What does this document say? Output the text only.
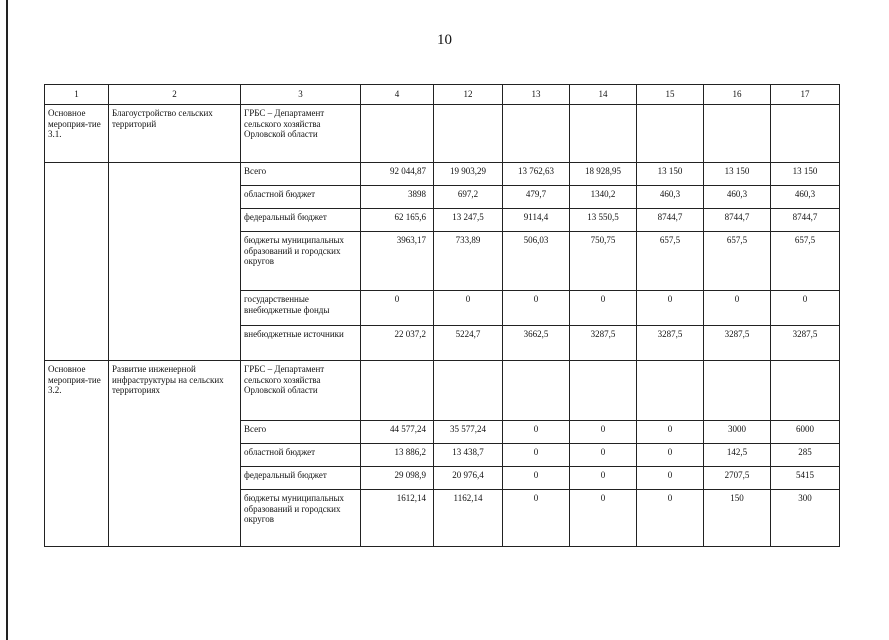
10
1	2	3	4	12	13	14	15	16	17
Основное мероприя-тие 3.1.	Благоустройство сельских территорий	ГРБС – Департамент сельского хозяйства Орловской области							
		Всего	92 044,87	19 903,29	13 762,63	18 928,95	13 150	13 150	13 150
		областной бюджет	3898	697,2	479,7	1340,2	460,3	460,3	460,3
		федеральный бюджет	62 165,6	13 247,5	9114,4	13 550,5	8744,7	8744,7	8744,7
		бюджеты муниципальных образований и городских округов	3963,17	733,89	506,03	750,75	657,5	657,5	657,5
		государственные внебюджетные фонды	0	0	0	0	0	0	0
		внебюджетные источники	22 037,2	5224,7	3662,5	3287,5	3287,5	3287,5	3287,5
Основное мероприя-тие 3.2.	Развитие инженерной инфраструктуры на сельских территориях	ГРБС – Департамент сельского хозяйства Орловской области							
		Всего	44 577,24	35 577,24	0	0	0	3000	6000
		областной бюджет	13 886,2	13 438,7	0	0	0	142,5	285
		федеральный бюджет	29 098,9	20 976,4	0	0	0	2707,5	5415
		бюджеты муниципальных образований и городских округов	1612,14	1162,14	0	0	0	150	300
